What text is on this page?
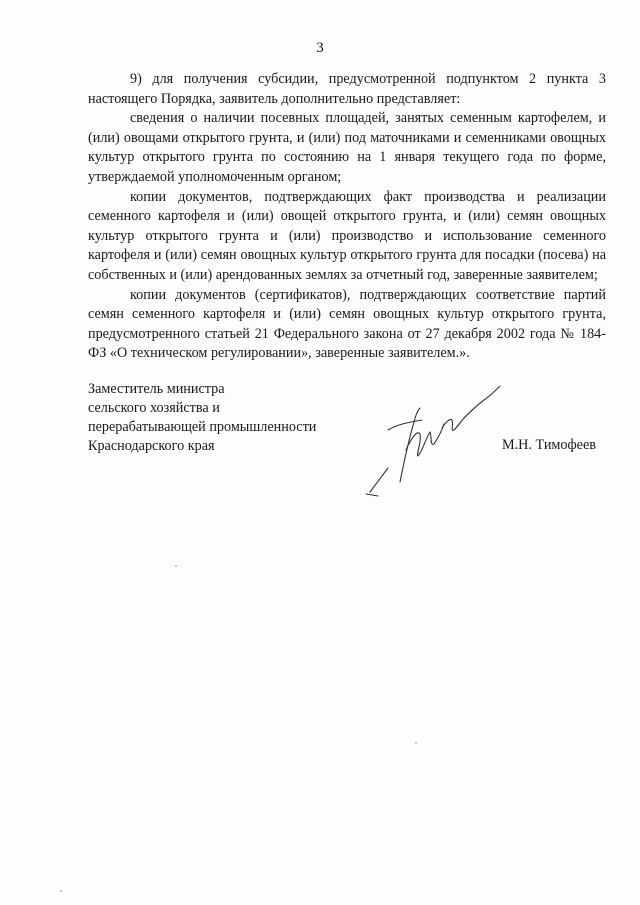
3

9) для получения субсидии, предусмотренной подпунктом 2 пункта 3 настоящего Порядка, заявитель дополнительно представляет:

сведения о наличии посевных площадей, занятых семенным картофелем, и (или) овощами открытого грунта, и (или) под маточниками и семенниками овощных культур открытого грунта по состоянию на 1 января текущего года по форме, утверждаемой уполномоченным органом;

копии документов, подтверждающих факт производства и реализации семенного картофеля и (или) овощей открытого грунта, и (или) семян овощных культур открытого грунта и (или) производство и использование семенного картофеля и (или) семян овощных культур открытого грунта для посадки (посева) на собственных и (или) арендованных землях за отчетный год, заверенные заявителем;

копии документов (сертификатов), подтверждающих соответствие партий семян семенного картофеля и (или) семян овощных культур открытого грунта, предусмотренного статьей 21 Федерального закона от 27 декабря 2002 года № 184-ФЗ «О техническом регулировании», заверенные заявителем.».

Заместитель министра
сельского хозяйства и
перерабатывающей промышленности
Краснодарского края	М.Н. Тимофеев
